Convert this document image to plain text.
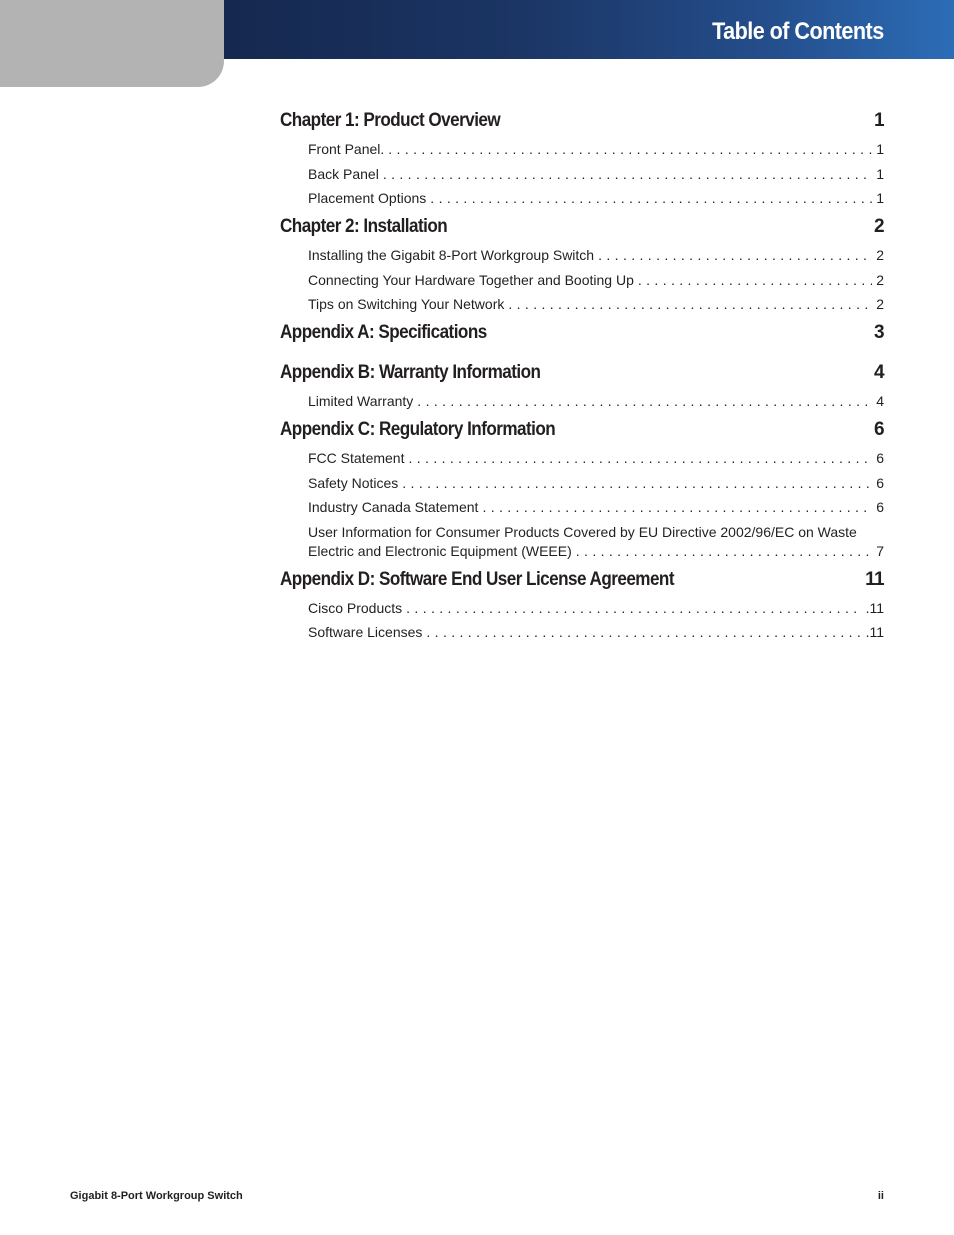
Table of Contents
Chapter 1: Product Overview	1
Front Panel. . . .	1
Back Panel . . .	1
Placement Options . . .	1
Chapter 2: Installation	2
Installing the Gigabit 8-Port Workgroup Switch . . .	2
Connecting Your Hardware Together and Booting Up . . .	2
Tips on Switching Your Network . . .	2
Appendix A: Specifications	3
Appendix B: Warranty Information	4
Limited Warranty . . .	4
Appendix C: Regulatory Information	6
FCC Statement . . .	6
Safety Notices . . .	6
Industry Canada Statement . . .	6
User Information for Consumer Products Covered by EU Directive 2002/96/EC on Waste
Electric and Electronic Equipment (WEEE) . . .	7
Appendix D: Software End User License Agreement	11
Cisco Products . . .	.11
Software Licenses . . .	.11
Gigabit 8-Port Workgroup Switch	ii
